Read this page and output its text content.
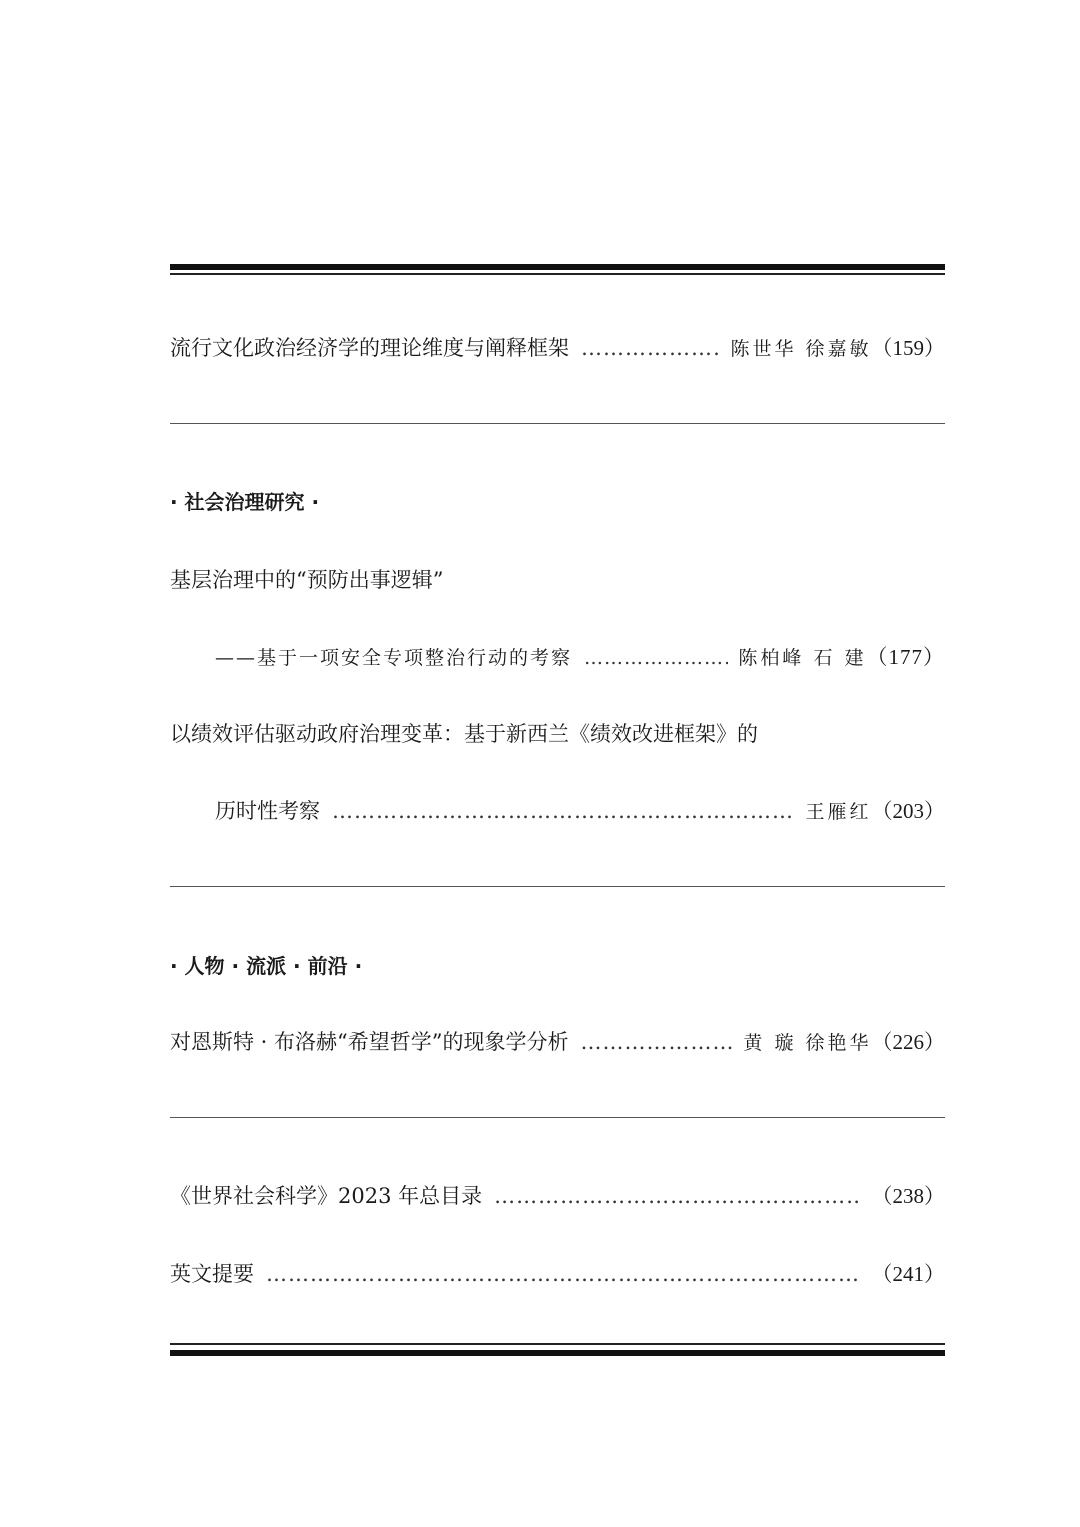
流行文化政治经济学的理论维度与阐释框架 …………………………………………………………………………………………………………………………………………………………	陈世华 徐嘉敏 （159）
· 社会治理研究 ·
基层治理中的“预防出事逻辑”
——基于一项安全专项整治行动的考察 …………………………………………………………………………………………………………………………………………………………	陈柏峰 石 建 （177）
以绩效评估驱动政府治理变革：基于新西兰《绩效改进框架》的
历时性考察 …………………………………………………………………………………………………………………………………………………………	王雁红 （203）
· 人物 · 流派 · 前沿 ·
对恩斯特 · 布洛赫“希望哲学”的现象学分析 …………………………………………………………………………………………………………………………………………………………	黄 璇 徐艳华 （226）
《世界社会科学》2023 年总目录 …………………………………………………………………………………………………………………………………………………………	（238）
英文提要 …………………………………………………………………………………………………………………………………………………………	（241）
